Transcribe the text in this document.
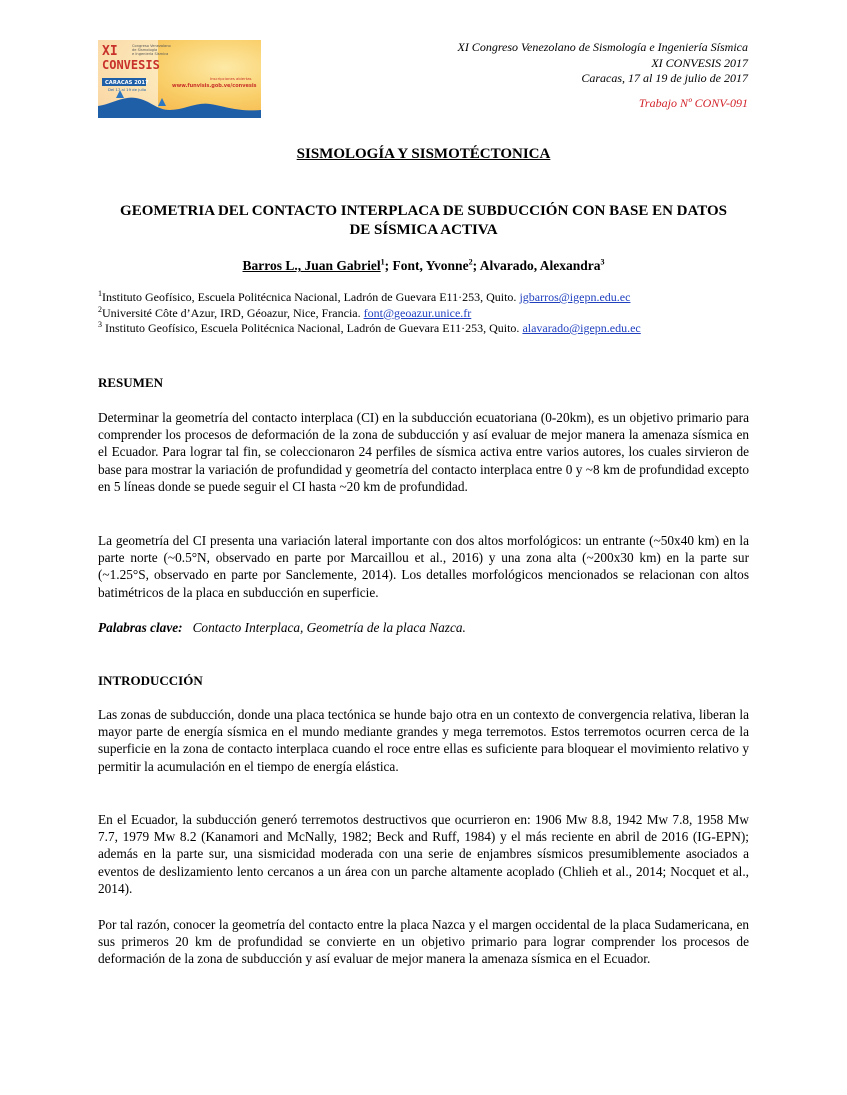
XI
CONVESIS
Congreso Venezolano
de Sismología
e Ingeniería Sísmica
CARACAS 2017
Del 17 al 19 de julio
Inscripciones abiertas
www.funvisis.gob.ve/convesis
XI Congreso Venezolano de Sismología e Ingeniería Sísmica
XI CONVESIS 2017
Caracas, 17 al 19 de julio de 2017
Trabajo Nº CONV-091
SISMOLOGÍA Y SISMOTÉCTONICA
GEOMETRIA DEL CONTACTO INTERPLACA DE SUBDUCCIÓN CON BASE EN DATOS DE SÍSMICA ACTIVA
Barros L., Juan Gabriel$^1$; Font, Yvonne$^2$; Alvarado, Alexandra$^3$
$^1$Instituto Geofísico, Escuela Politécnica Nacional, Ladrón de Guevara E11·253, Quito. jgbarros@igepn.edu.ec
$^2$Université Côte d’Azur, IRD, Géoazur, Nice, Francia. font@geoazur.unice.fr
$^3$ Instituto Geofísico, Escuela Politécnica Nacional, Ladrón de Guevara E11·253, Quito. alavarado@igepn.edu.ec
RESUMEN
Determinar la geometría del contacto interplaca (CI) en la subducción ecuatoriana (0-20km), es un objetivo primario para comprender los procesos de deformación de la zona de subducción y así evaluar de mejor manera la amenaza sísmica en el Ecuador. Para lograr tal fin, se coleccionaron 24 perfiles de sísmica activa entre varios autores, los cuales sirvieron de base para mostrar la variación de profundidad y geometría del contacto interplaca entre 0 y ~8 km de profundidad excepto en 5 líneas donde se puede seguir el CI hasta ~20 km de profundidad.
La geometría del CI presenta una variación lateral importante con dos altos morfológicos: un entrante (~50x40 km) en la parte norte (~0.5°N, observado en parte por Marcaillou et al., 2016) y una zona alta (~200x30 km) en la parte sur (~1.25°S, observado en parte por Sanclemente, 2014). Los detalles morfológicos mencionados se relacionan con altos batimétricos de la placa en subducción en superficie.
Palabras clave: Contacto Interplaca, Geometría de la placa Nazca.
INTRODUCCIÓN
Las zonas de subducción, donde una placa tectónica se hunde bajo otra en un contexto de convergencia relativa, liberan la mayor parte de energía sísmica en el mundo mediante grandes y mega terremotos. Estos terremotos ocurren cerca de la superficie en la zona de contacto interplaca cuando el roce entre ellas es suficiente para bloquear el movimiento relativo y permitir la acumulación en el tiempo de energía elástica.
En el Ecuador, la subducción generó terremotos destructivos que ocurrieron en: 1906 Mw 8.8, 1942 Mw 7.8, 1958 Mw 7.7, 1979 Mw 8.2 (Kanamori and McNally, 1982; Beck and Ruff, 1984) y el más reciente en abril de 2016 (IG-EPN); además en la parte sur, una sismicidad moderada con una serie de enjambres sísmicos presumiblemente asociados a eventos de deslizamiento lento cercanos a un área con un parche altamente acoplado (Chlieh et al., 2014; Nocquet et al., 2014).
Por tal razón, conocer la geometría del contacto entre la placa Nazca y el margen occidental de la placa Sudamericana, en sus primeros 20 km de profundidad se convierte en un objetivo primario para lograr comprender los procesos de deformación de la zona de subducción y así evaluar de mejor manera la amenaza sísmica en el Ecuador.
